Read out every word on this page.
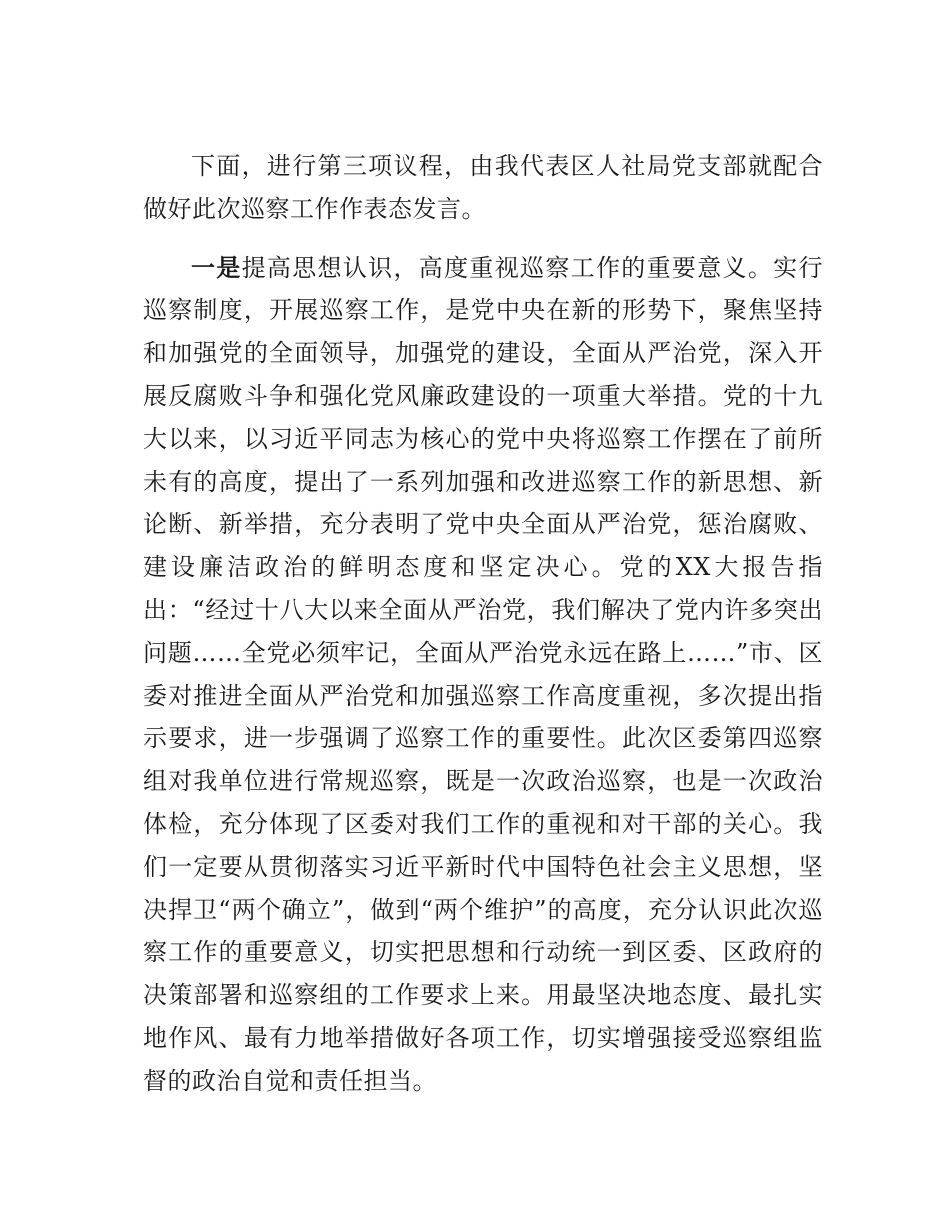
下面，进行第三项议程，由我代表区人社局党支部就配合做好此次巡察工作作表态发言。

一是提高思想认识，高度重视巡察工作的重要意义。实行巡察制度，开展巡察工作，是党中央在新的形势下，聚焦坚持和加强党的全面领导，加强党的建设，全面从严治党，深入开展反腐败斗争和强化党风廉政建设的一项重大举措。党的十九大以来，以习近平同志为核心的党中央将巡察工作摆在了前所未有的高度，提出了一系列加强和改进巡察工作的新思想、新论断、新举措，充分表明了党中央全面从严治党，惩治腐败、建设廉洁政治的鲜明态度和坚定决心。党的XX大报告指出：“经过十八大以来全面从严治党，我们解决了党内许多突出问题……全党必须牢记，全面从严治党永远在路上……”市、区委对推进全面从严治党和加强巡察工作高度重视，多次提出指示要求，进一步强调了巡察工作的重要性。此次区委第四巡察组对我单位进行常规巡察，既是一次政治巡察，也是一次政治体检，充分体现了区委对我们工作的重视和对干部的关心。我们一定要从贯彻落实习近平新时代中国特色社会主义思想，坚决捍卫“两个确立”，做到“两个维护”的高度，充分认识此次巡察工作的重要意义，切实把思想和行动统一到区委、区政府的决策部署和巡察组的工作要求上来。用最坚决地态度、最扎实地作风、最有力地举措做好各项工作，切实增强接受巡察组监督的政治自觉和责任担当。
